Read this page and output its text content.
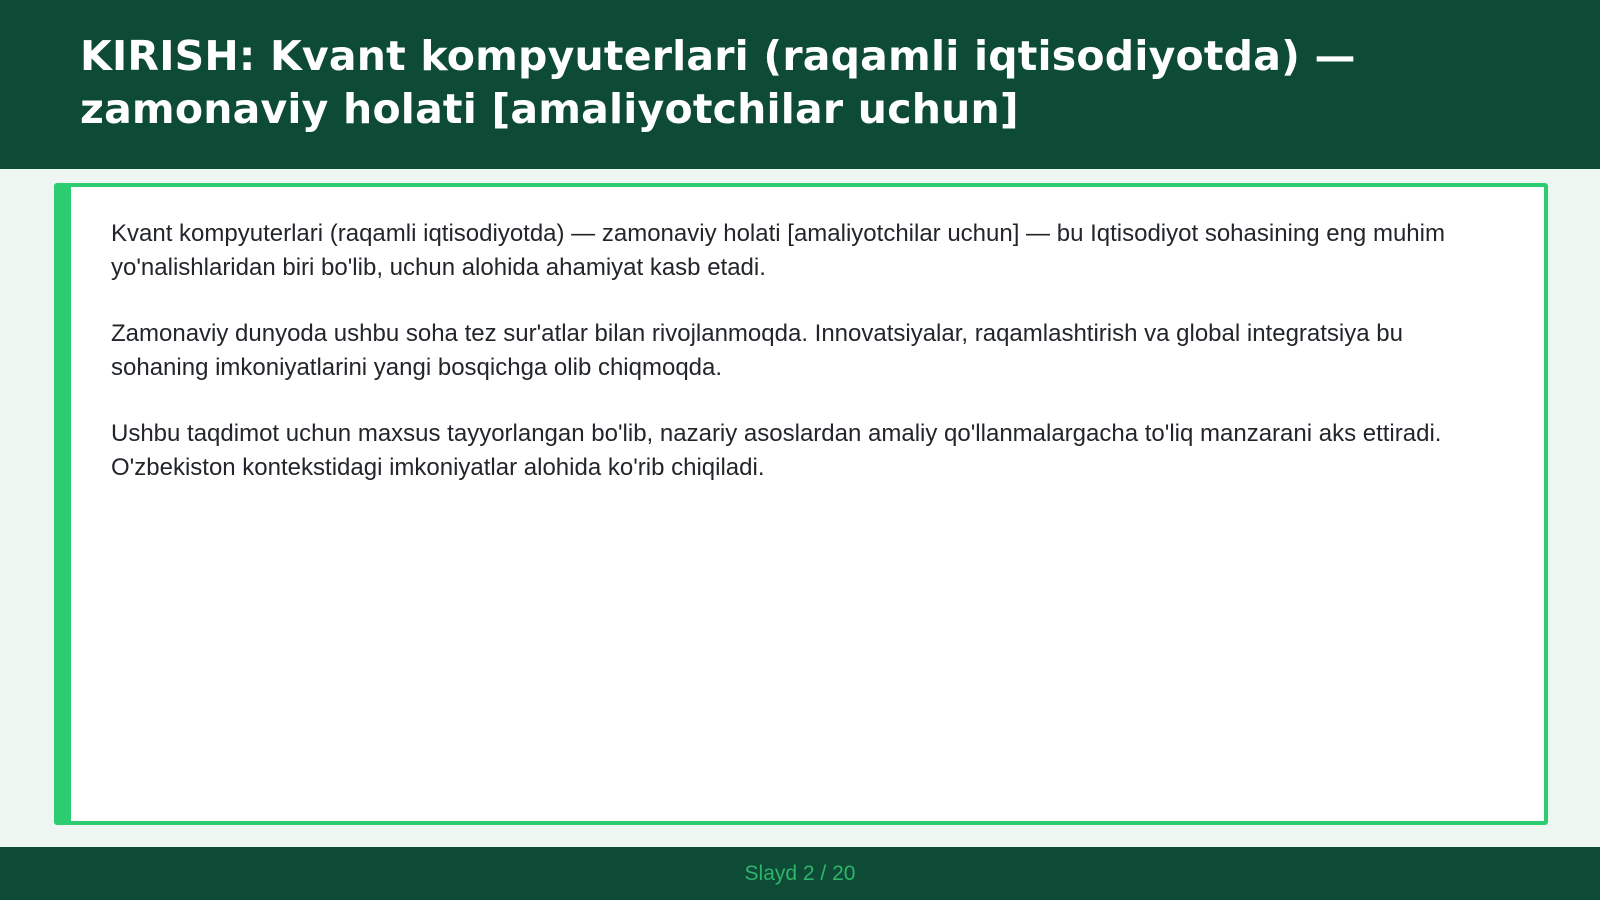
KIRISH: Kvant kompyuterlari (raqamli iqtisodiyotda) — zamonaviy holati [amaliyotchilar uchun]

Kvant kompyuterlari (raqamli iqtisodiyotda) — zamonaviy holati [amaliyotchilar uchun] — bu Iqtisodiyot sohasining eng muhim yo'nalishlaridan biri bo'lib, uchun alohida ahamiyat kasb etadi.

Zamonaviy dunyoda ushbu soha tez sur'atlar bilan rivojlanmoqda. Innovatsiyalar, raqamlashtirish va global integratsiya bu sohaning imkoniyatlarini yangi bosqichga olib chiqmoqda.

Ushbu taqdimot uchun maxsus tayyorlangan bo'lib, nazariy asoslardan amaliy qo'llanmalargacha to'liq manzarani aks ettiradi. O'zbekiston kontekstidagi imkoniyatlar alohida ko'rib chiqiladi.

Slayd 2 / 20
